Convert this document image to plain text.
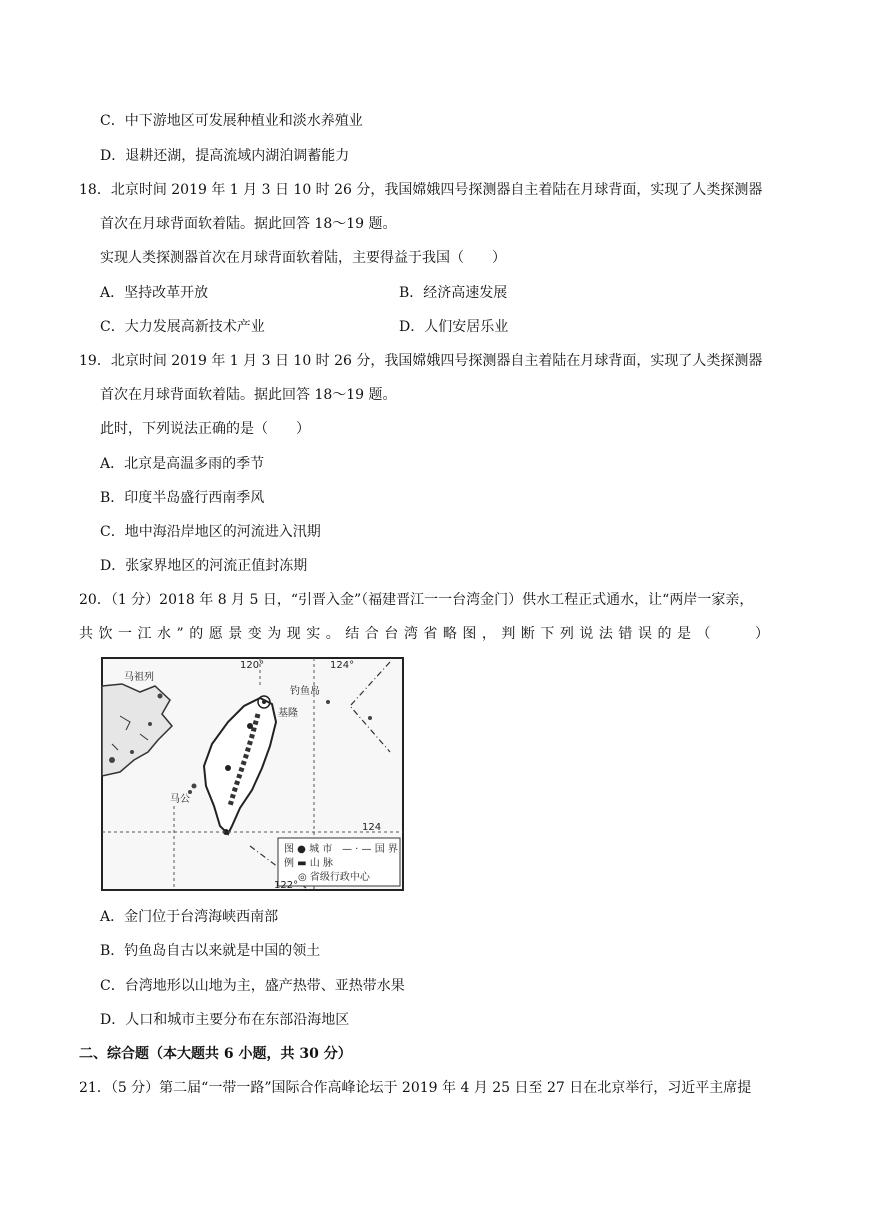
C．中下游地区可发展种植业和淡水养殖业
D．退耕还湖，提高流域内湖泊调蓄能力
18．北京时间 2019 年 1 月 3 日 10 时 26 分，我国嫦娥四号探测器自主着陆在月球背面，实现了人类探测器
首次在月球背面软着陆。据此回答 18～19 题。
实现人类探测器首次在月球背面软着陆，主要得益于我国（　　）
A．坚持改革开放	B．经济高速发展
C．大力发展高新技术产业	D．人们安居乐业
19．北京时间 2019 年 1 月 3 日 10 时 26 分，我国嫦娥四号探测器自主着陆在月球背面，实现了人类探测器
首次在月球背面软着陆。据此回答 18～19 题。
此时，下列说法正确的是（　　）
A．北京是高温多雨的季节
B．印度半岛盛行西南季风
C．地中海沿岸地区的河流进入汛期
D．张家界地区的河流正值封冻期
20．（1 分）2018 年 8 月 5 日，“引晋入金”（福建晋江一一台湾金门）供水工程正式通水，让“两岸一家亲，
共饮一江水”的愿景变为现实。结合台湾省略图，判断下列说法错误的是（　　）
图 ● 城 市
例 ▬ 山 脉
— · — 国 界
◎ 省级行政中心
马祖列
钓鱼岛
基隆
马公
120°	124°
124
122°
A．金门位于台湾海峡西南部
B．钓鱼岛自古以来就是中国的领土
C．台湾地形以山地为主，盛产热带、亚热带水果
D．人口和城市主要分布在东部沿海地区
二、综合题（本大题共 6 小题，共 30 分）
21．（5 分）第二届“一带一路”国际合作高峰论坛于 2019 年 4 月 25 日至 27 日在北京举行，习近平主席提
